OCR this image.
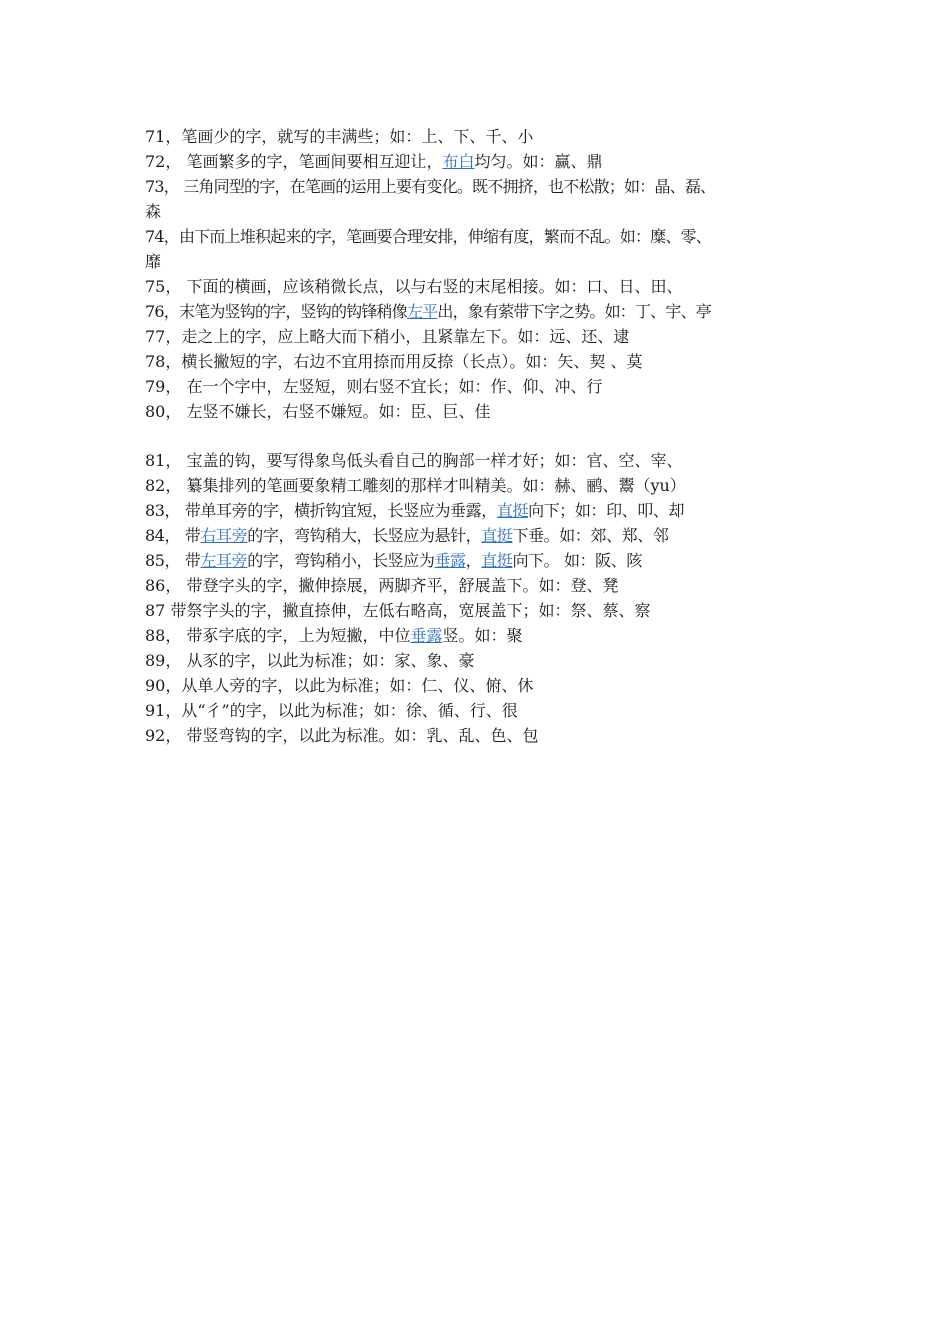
71，笔画少的字，就写的丰满些；如：上、下、千、小
72， 笔画繁多的字，笔画间要相互迎让，布白均匀。如：赢、鼎
73， 三角同型的字，在笔画的运用上要有变化。既不拥挤，也不松散；如：晶、磊、
森
74，由下而上堆积起来的字，笔画要合理安排，伸缩有度，繁而不乱。如：糜、零、
靡
75， 下面的横画，应该稍微长点，以与右竖的末尾相接。如：口、日、田、
76，末笔为竖钩的字，竖钩的钩锋稍像左平出，象有萦带下字之势。如：丁、宇、亭
77，走之上的字，应上略大而下稍小，且紧靠左下。如：远、还、逮
78，横长撇短的字，右边不宜用捺而用反捺（长点）。如：矢、契 、莫
79， 在一个字中，左竖短，则右竖不宜长；如：作、仰、冲、行
80， 左竖不嫌长，右竖不嫌短。如：臣、巨、佳
81， 宝盖的钩，要写得象鸟低头看自己的胸部一样才好；如：官、空、宰、
82， 纂集排列的笔画要象精工雕刻的那样才叫精美。如：赫、鹂、鬻（yu）
83， 带单耳旁的字，横折钩宜短，长竖应为垂露，直挺向下；如：印、叩、却
84， 带右耳旁的字，弯钩稍大，长竖应为悬针，直挺下垂。如：郊、郑、邻
85， 带左耳旁的字，弯钩稍小，长竖应为垂露，直挺向下。 如：阪、陔
86， 带登字头的字，撇伸捺展，两脚齐平，舒展盖下。如：登、凳
87 带祭字头的字，撇直捺伸，左低右略高，宽展盖下；如：祭、蔡、察
88， 带豖字底的字，上为短撇，中位垂露竖。如：聚
89， 从豕的字，以此为标准；如：家、象、豪
90，从单人旁的字，以此为标准；如：仁、仪、俯、休
91，从“彳”的字，以此为标准；如：徐、循、行、很
92， 带竖弯钩的字，以此为标准。如：乳、乱、色、包
